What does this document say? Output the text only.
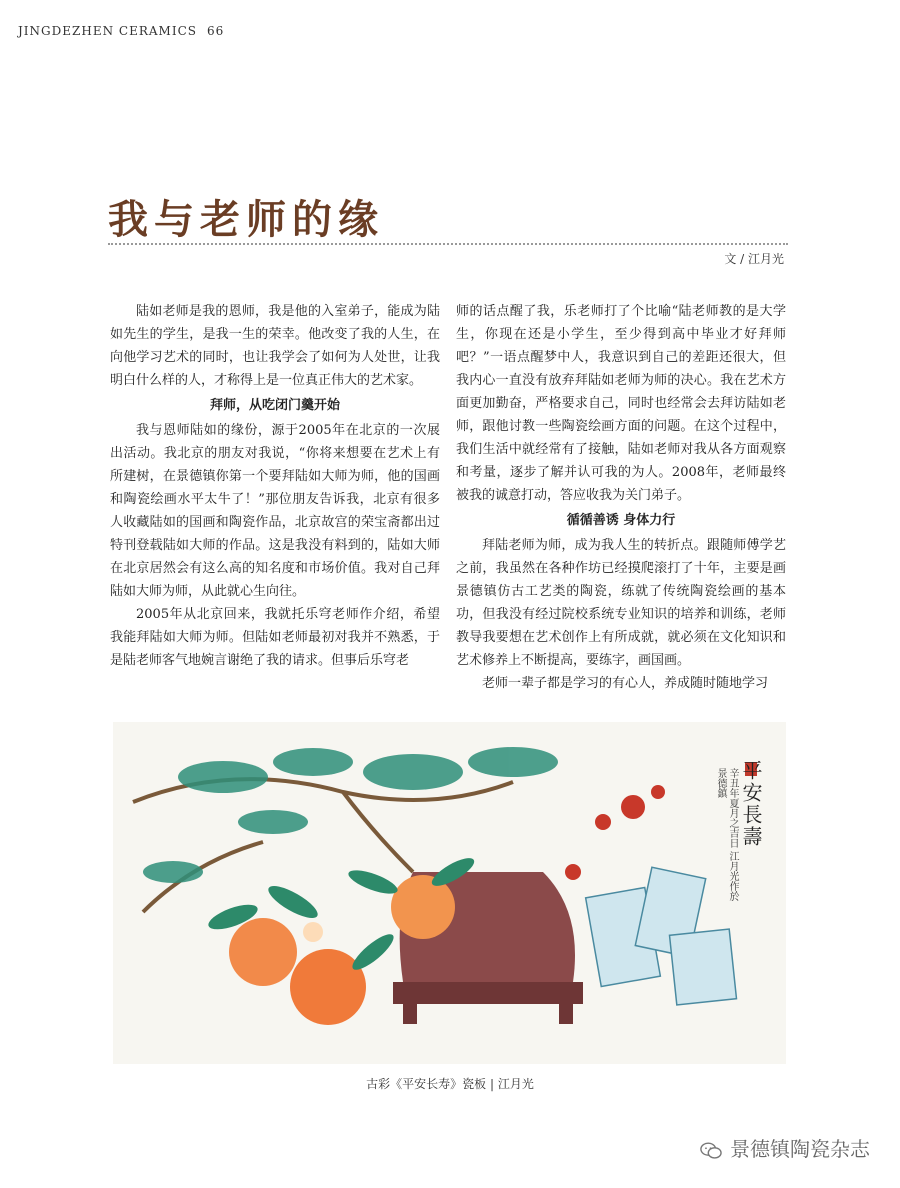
JINGDEZHEN CERAMICS 66
我与老师的缘
文 / 江月光

陆如老师是我的恩师，我是他的入室弟子，能成为陆如先生的学生，是我一生的荣幸。他改变了我的人生，在向他学习艺术的同时，也让我学会了如何为人处世，让我明白什么样的人，才称得上是一位真正伟大的艺术家。

拜师，从吃闭门羹开始

我与恩师陆如的缘份，源于2005年在北京的一次展出活动。我北京的朋友对我说，“你将来想要在艺术上有所建树，在景德镇你第一个要拜陆如大师为师，他的国画和陶瓷绘画水平太牛了！”那位朋友告诉我，北京有很多人收藏陆如的国画和陶瓷作品，北京故宫的荣宝斋都出过特刊登载陆如大师的作品。这是我没有料到的，陆如大师在北京居然会有这么高的知名度和市场价值。我对自己拜陆如大师为师，从此就心生向往。

2005年从北京回来，我就托乐穹老师作介绍，希望我能拜陆如大师为师。但陆如老师最初对我并不熟悉，于是陆老师客气地婉言谢绝了我的请求。但事后乐穹老

师的话点醒了我，乐老师打了个比喻“陆老师教的是大学生，你现在还是小学生，至少得到高中毕业才好拜师吧？”一语点醒梦中人，我意识到自己的差距还很大，但我内心一直没有放弃拜陆如老师为师的决心。我在艺术方面更加勤奋，严格要求自己，同时也经常会去拜访陆如老师，跟他讨教一些陶瓷绘画方面的问题。在这个过程中，我们生活中就经常有了接触，陆如老师对我从各方面观察和考量，逐步了解并认可我的为人。2008年，老师最终被我的诚意打动，答应收我为关门弟子。

循循善诱 身体力行

拜陆老师为师，成为我人生的转折点。跟随师傅学艺之前，我虽然在各种作坊已经摸爬滚打了十年，主要是画景德镇仿古工艺类的陶瓷，练就了传统陶瓷绘画的基本功，但我没有经过院校系统专业知识的培养和训练，老师教导我要想在艺术创作上有所成就，就必须在文化知识和艺术修养上不断提高，要练字，画国画。

老师一辈子都是学习的有心人，养成随时随地学习

平安長壽
辛丑年夏月之吉日 江月光作於景德鎮
古彩《平安长寿》瓷板 | 江月光
景德镇陶瓷杂志
